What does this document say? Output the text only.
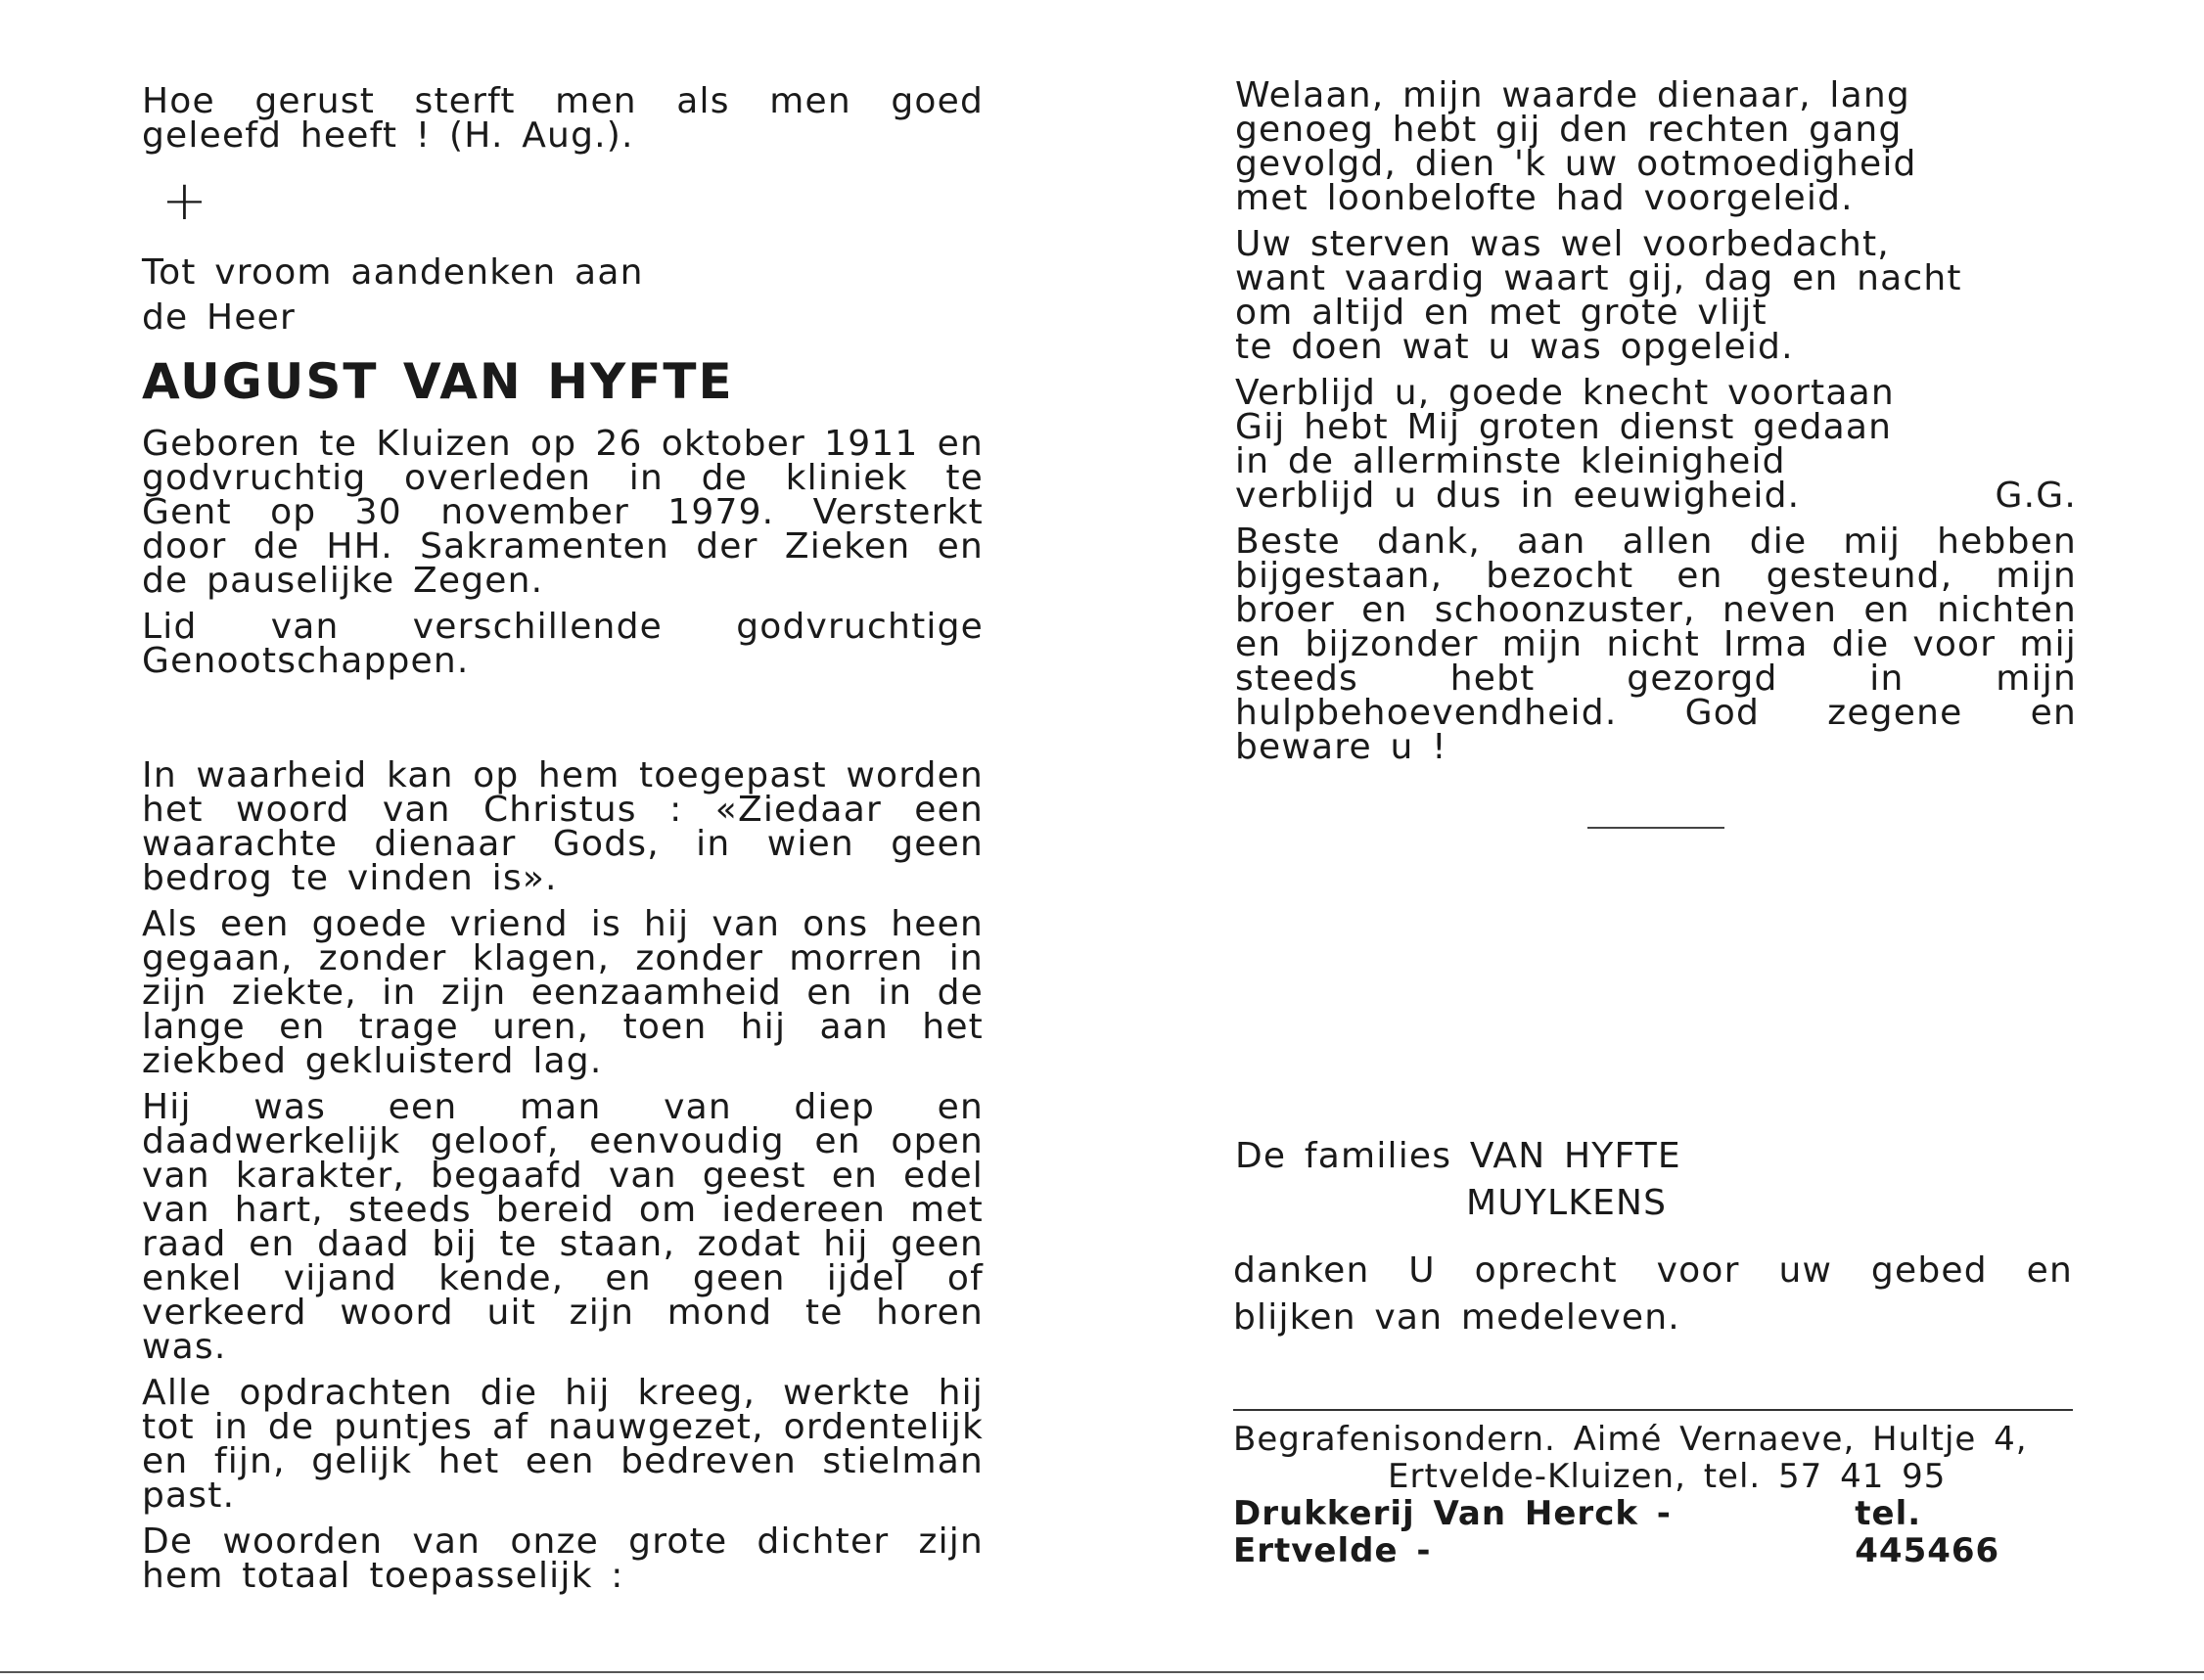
Hoe gerust sterft men als men goed geleefd heeft ! (H. Aug.).

+

Tot vroom aandenken aan

de Heer

AUGUST VAN HYFTE

Geboren te Kluizen op 26 oktober 1911 en godvruchtig overleden in de kliniek te Gent op 30 november 1979. Versterkt door de HH. Sakramenten der Zieken en de pauselijke Zegen.

Lid van verschillende godvruchtige Genootschappen.

In waarheid kan op hem toegepast worden het woord van Christus : «Ziedaar een waarachte dienaar Gods, in wien geen bedrog te vinden is».

Als een goede vriend is hij van ons heen gegaan, zonder klagen, zonder morren in zijn ziekte, in zijn eenzaamheid en in de lange en trage uren, toen hij aan het ziekbed gekluisterd lag.

Hij was een man van diep en daadwerkelijk geloof, eenvoudig en open van karakter, begaafd van geest en edel van hart, steeds bereid om iedereen met raad en daad bij te staan, zodat hij geen enkel vijand kende, en geen ijdel of verkeerd woord uit zijn mond te horen was.

Alle opdrachten die hij kreeg, werkte hij tot in de puntjes af nauwgezet, ordentelijk en fijn, gelijk het een bedreven stielman past.

De woorden van onze grote dichter zijn hem totaal toepasselijk :

Welaan, mijn waarde dienaar, lang

genoeg hebt gij den rechten gang

gevolgd, dien 'k uw ootmoedigheid

met loonbelofte had voorgeleid.

Uw sterven was wel voorbedacht,

want vaardig waart gij, dag en nacht

om altijd en met grote vlijt

te doen wat u was opgeleid.

Verblijd u, goede knecht voortaan

Gij hebt Mij groten dienst gedaan

in de allerminste kleinigheid

verblijd u dus in eeuwigheid.	G.G.

Beste dank, aan allen die mij hebben bijgestaan, bezocht en gesteund, mijn broer en schoonzuster, neven en nichten en bijzonder mijn nicht Irma die voor mij steeds hebt gezorgd in mijn hulpbehoevendheid. God zegene en beware u !

De families VAN HYFTE
MUYLKENS

danken U oprecht voor uw gebed en blijken van medeleven.

Begrafenisondern. Aimé Vernaeve, Hultje 4,
Ertvelde-Kluizen, tel. 57 41 95
Drukkerij Van Herck - Ertvelde -
tel. 445466
